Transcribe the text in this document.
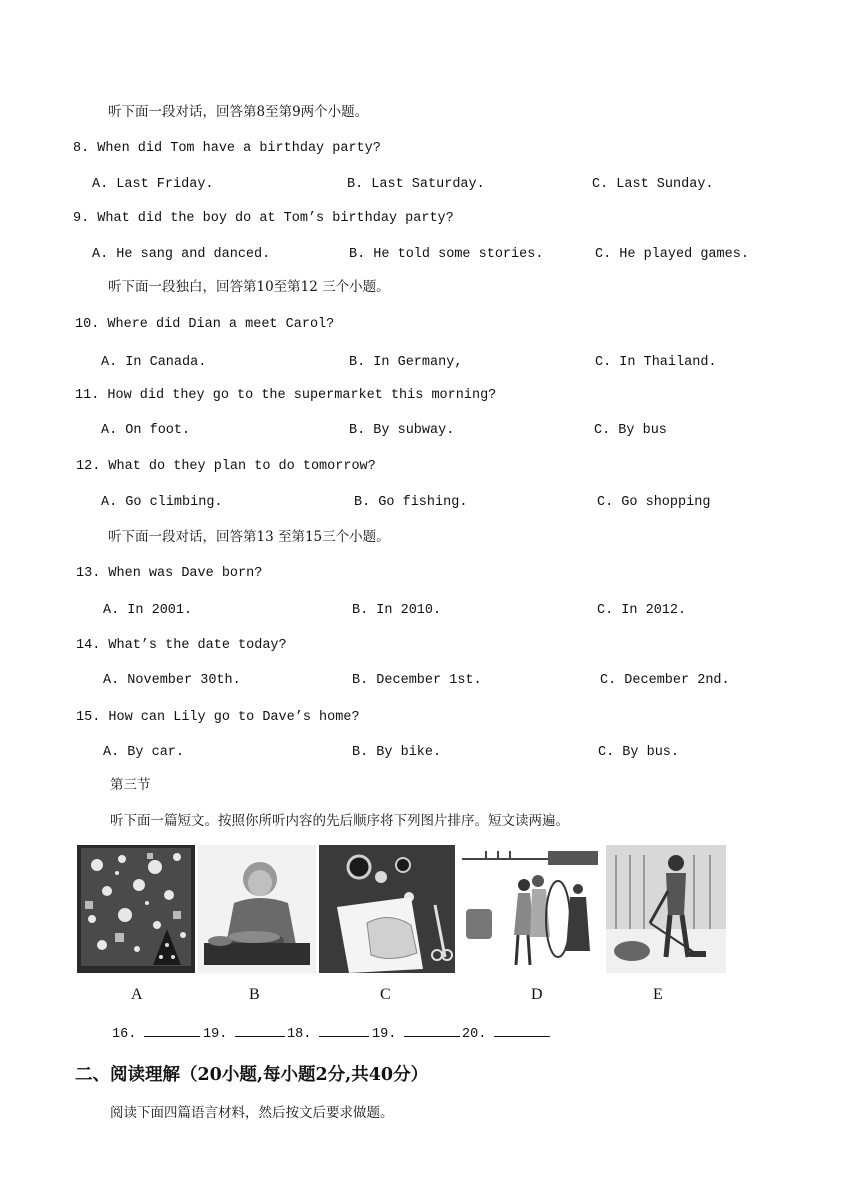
听下面一段对话，回答第8至第9两个小题。
8. When did Tom have a birthday party?
A. Last Friday.	B. Last Saturday.	C. Last Sunday.
9. What did the boy do at Tom’s birthday party?
A. He sang and danced.	B. He told some stories.	C. He played games.
听下面一段独白，回答第10至第12 三个小题。
10. Where did Dian a meet Carol?
A. In Canada.	B. In Germany,	C. In Thailand.
11. How did they go to the supermarket this morning?
A. On foot.	B. By subway.	C. By bus
12. What do they plan to do tomorrow?
A. Go climbing.	B. Go fishing.	C. Go shopping
听下面一段对话，回答第13 至第15三个小题。
13. When was Dave born?
A. In 2001.	B. In 2010.	C. In 2012.
14. What’s the date today?
A. November 30th.	B. December 1st.	C. December 2nd.
15. How can Lily go to Dave’s home?
A. By car.	B. By bike.	C. By bus.
第三节
听下面一篇短文。按照你所听内容的先后顺序将下列图片排序。短文读两遍。
A	B	C	D	E
16.	19.	18.	19.	20.
二、阅读理解（20小题,每小题2分,共40分）
阅读下面四篇语言材料，然后按文后要求做题。
